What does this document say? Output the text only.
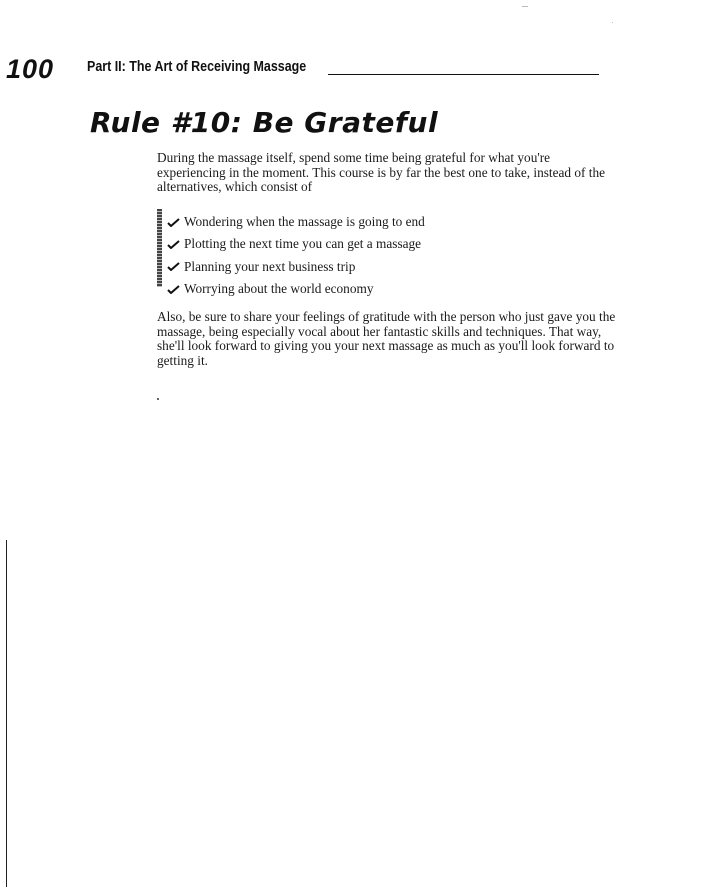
100 Part II: The Art of Receiving Massage
Rule #10: Be Grateful

During the massage itself, spend some time being grateful for what you're experiencing in the moment. This course is by far the best one to take, instead of the alternatives, which consist of

Wondering when the massage is going to end
Plotting the next time you can get a massage
Planning your next business trip
Worrying about the world economy

Also, be sure to share your feelings of gratitude with the person who just gave you the massage, being especially vocal about her fantastic skills and techniques. That way, she'll look forward to giving you your next massage as much as you'll look forward to getting it.
